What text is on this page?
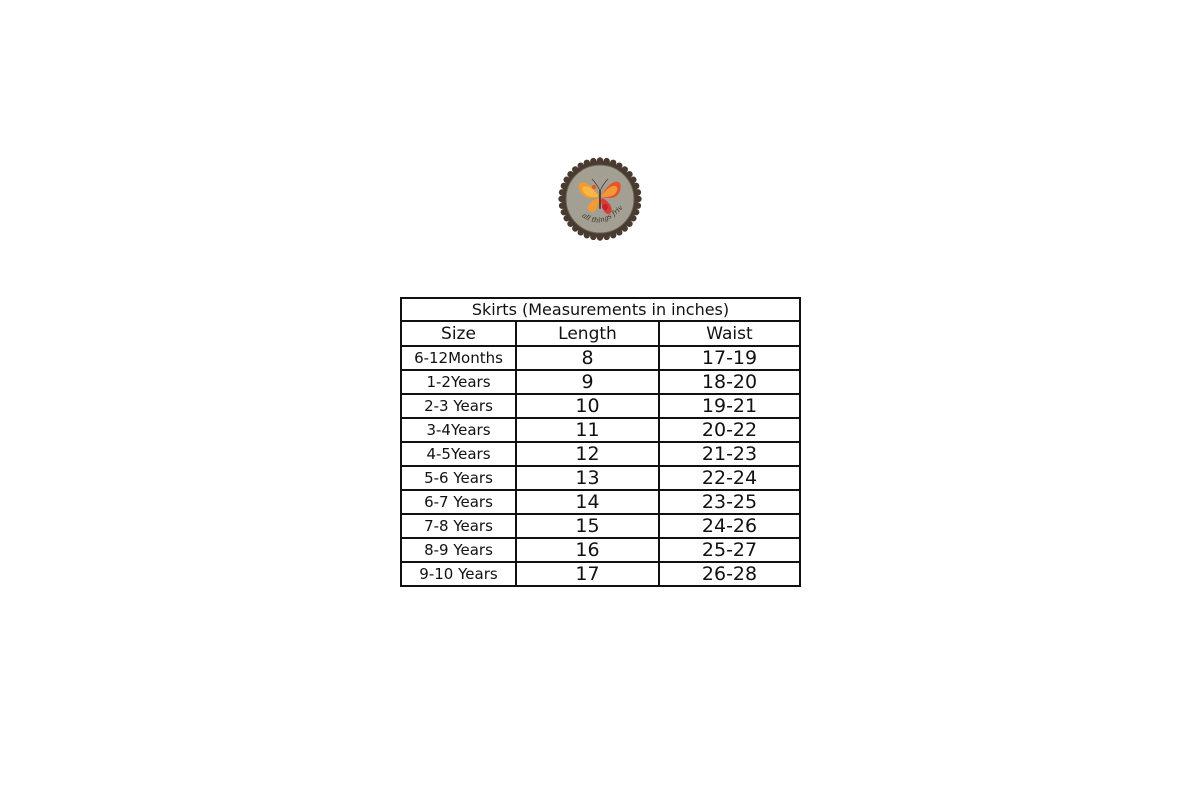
all things friv
Skirts (Measurements in inches)		
Size	Length	Waist
6-12Months	8	17-19
1-2Years	9	18-20
2-3 Years	10	19-21
3-4Years	11	20-22
4-5Years	12	21-23
5-6 Years	13	22-24
6-7 Years	14	23-25
7-8 Years	15	24-26
8-9 Years	16	25-27
9-10 Years	17	26-28
